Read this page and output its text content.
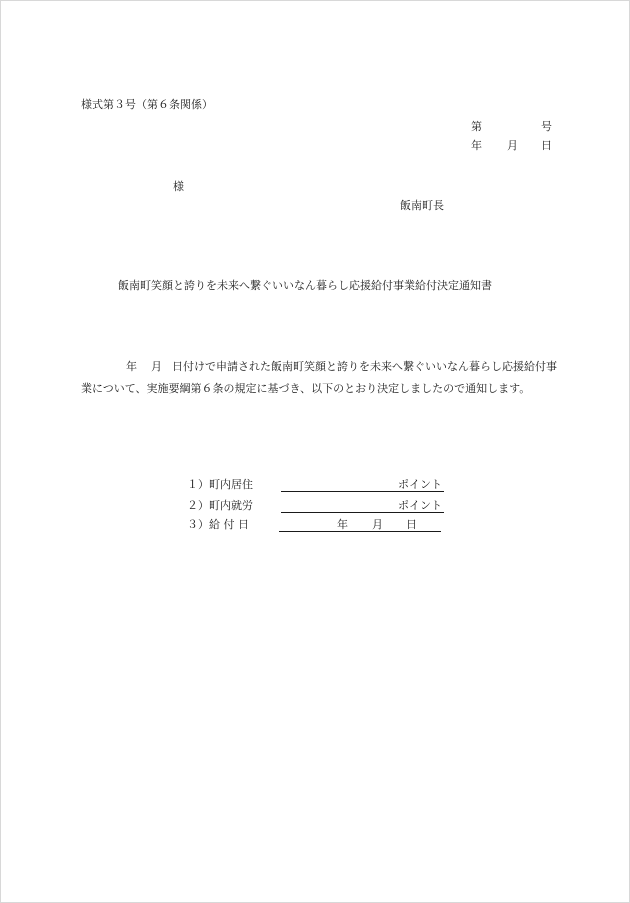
様式第３号（第６条関係）
第	号
年 月 日
様
飯南町長
飯南町笑顔と誇りを未来へ繋ぐいいなん暮らし応援給付事業給付決定通知書
年 月 日付けで申請された飯南町笑顔と誇りを未来へ繋ぐいいなん暮らし応援給付事業について、実施要綱第６条の規定に基づき、以下のとおり決定しましたので通知します。
１）町内居住	ポイント
２）町内就労	ポイント
３）給 付 日	年 月 日
